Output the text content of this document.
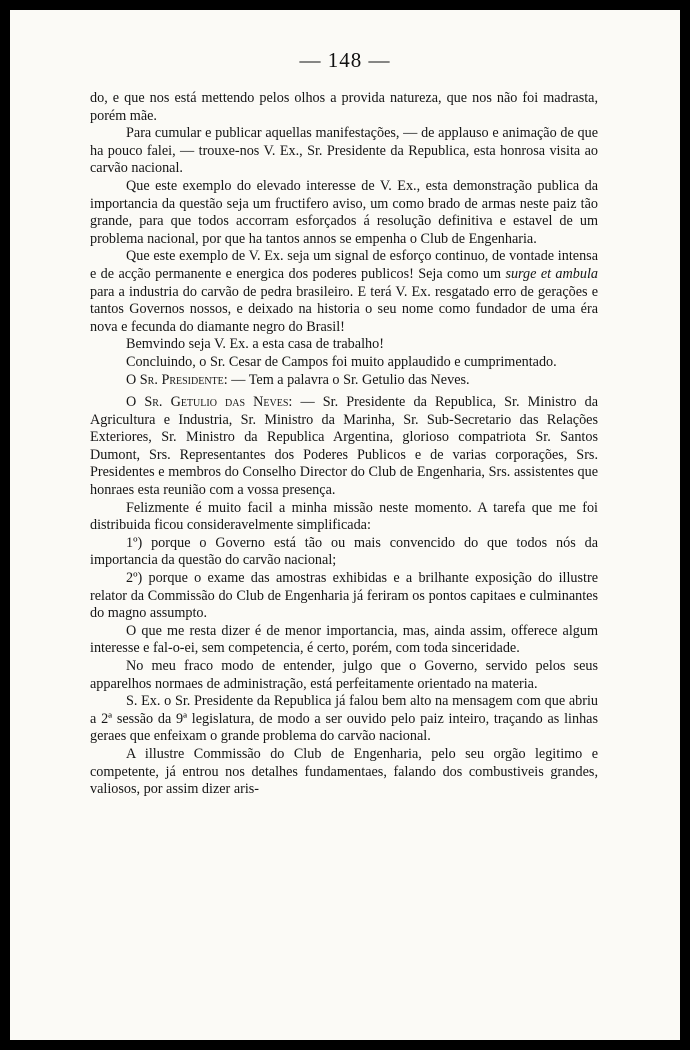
— 148 —

do, e que nos está mettendo pelos olhos a provida natureza, que nos não foi madrasta, porém mãe.

Para cumular e publicar aquellas manifestações, — de applauso e animação de que ha pouco falei, — trouxe-nos V. Ex., Sr. Presidente da Republica, esta honrosa visita ao carvão nacional.

Que este exemplo do elevado interesse de V. Ex., esta demonstração publica da importancia da questão seja um fructifero aviso, um como brado de armas neste paiz tão grande, para que todos accorram esforçados á resolução definitiva e estavel de um problema nacional, por que ha tantos annos se empenha o Club de Engenharia.

Que este exemplo de V. Ex. seja um signal de esforço continuo, de vontade intensa e de acção permanente e energica dos poderes publicos! Seja como um surge et ambula para a industria do carvão de pedra brasileiro. E terá V. Ex. resgatado erro de gerações e tantos Governos nossos, e deixado na historia o seu nome como fundador de uma éra nova e fecunda do diamante negro do Brasil!

Bemvindo seja V. Ex. a esta casa de trabalho!

Concluindo, o Sr. Cesar de Campos foi muito applaudido e cumprimentado.

O Sr. Presidente: — Tem a palavra o Sr. Getulio das Neves.

O Sr. Getulio das Neves: — Sr. Presidente da Republica, Sr. Ministro da Agricultura e Industria, Sr. Ministro da Marinha, Sr. Sub-Secretario das Relações Exteriores, Sr. Ministro da Republica Argentina, glorioso compatriota Sr. Santos Dumont, Srs. Representantes dos Poderes Publicos e de varias corporações, Srs. Presidentes e membros do Conselho Director do Club de Engenharia, Srs. assistentes que honraes esta reunião com a vossa presença.

Felizmente é muito facil a minha missão neste momento. A tarefa que me foi distribuida ficou consideravelmente simplificada:

1º) porque o Governo está tão ou mais convencido do que todos nós da importancia da questão do carvão nacional;

2º) porque o exame das amostras exhibidas e a brilhante exposição do illustre relator da Commissão do Club de Engenharia já feriram os pontos capitaes e culminantes do magno assumpto.

O que me resta dizer é de menor importancia, mas, ainda assim, offerece algum interesse e fal-o-ei, sem competencia, é certo, porém, com toda sinceridade.

No meu fraco modo de entender, julgo que o Governo, servido pelos seus apparelhos normaes de administração, está perfeitamente orientado na materia.

S. Ex. o Sr. Presidente da Republica já falou bem alto na mensagem com que abriu a 2ª sessão da 9ª legislatura, de modo a ser ouvido pelo paiz inteiro, traçando as linhas geraes que enfeixam o grande problema do carvão nacional.

A illustre Commissão do Club de Engenharia, pelo seu orgão legitimo e competente, já entrou nos detalhes fundamentaes, falando dos combustiveis grandes, valiosos, por assim dizer aris-
